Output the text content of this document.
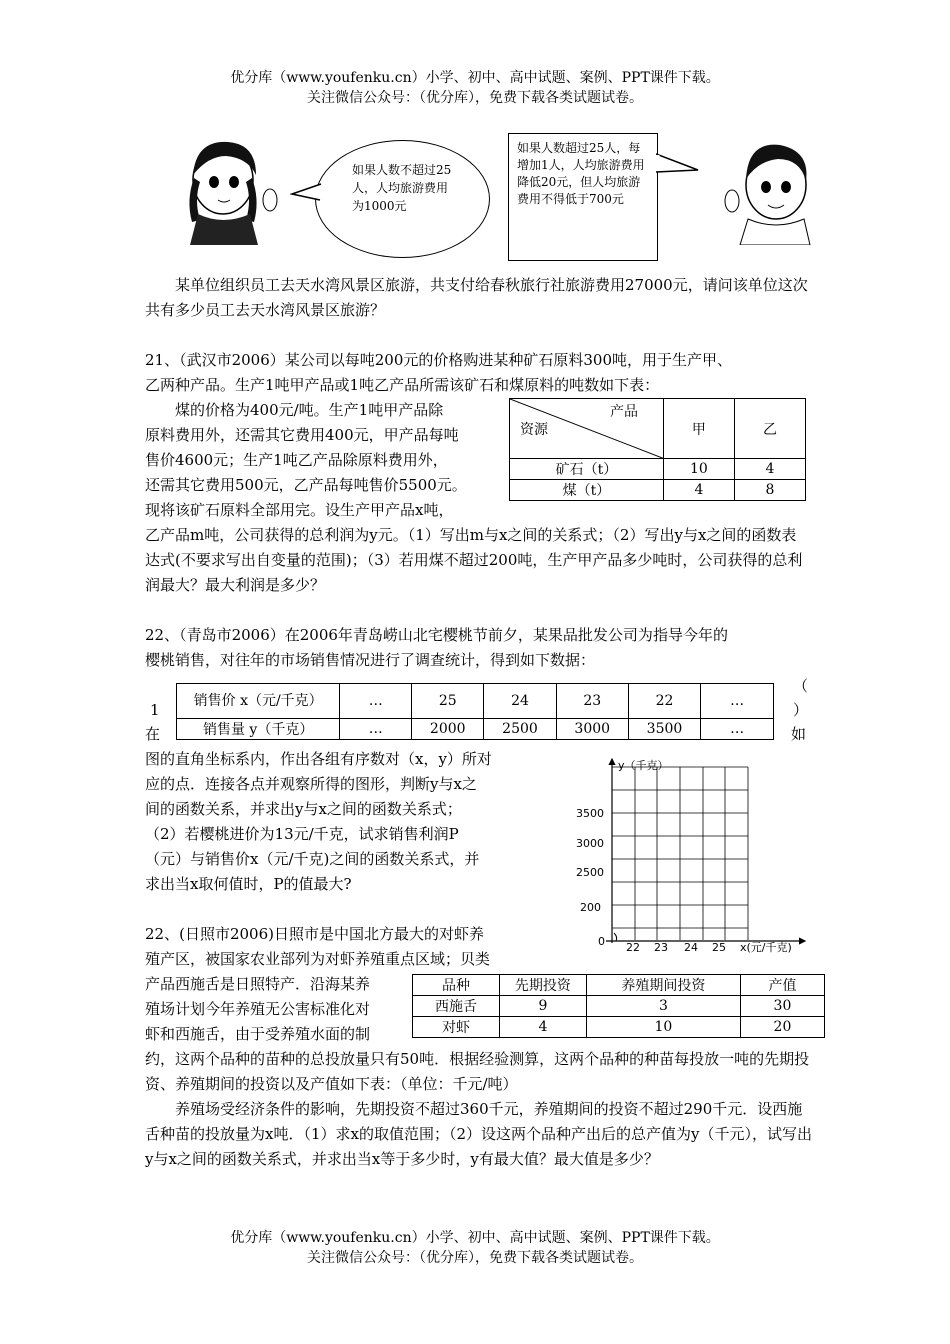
优分库（www.youfenku.cn）小学、初中、高中试题、案例、PPT课件下载。
关注微信公众号：（优分库），免费下载各类试题试卷。
如果人数不超过25人，人均旅游费用为1000元
如果人数超过25人，每增加1人，人均旅游费用降低20元，但人均旅游费用不得低于700元
某单位组织员工去天水湾风景区旅游，共支付给春秋旅行社旅游费用27000元，请问该单位这次共有多少员工去天水湾风景区旅游？
21、（武汉市2006）某公司以每吨200元的价格购进某种矿石原料300吨，用于生产甲、
乙两种产品。生产1吨甲产品或1吨乙产品所需该矿石和煤原料的吨数如下表：
煤的价格为400元/吨。生产1吨甲产品除
原料费用外，还需其它费用400元，甲产品每吨
售价4600元；生产1吨乙产品除原料费用外，
还需其它费用500元，乙产品每吨售价5500元。
现将该矿石原料全部用完。设生产甲产品x吨，
乙产品m吨，公司获得的总利润为y元。（1）写出m与x之间的关系式；（2）写出y与x之间的函数表达式(不要求写出自变量的范围)；（3）若用煤不超过200吨，生产甲产品多少吨时，公司获得的总利润最大？最大利润是多少？
产品
资源	甲	乙
矿石（t）	10	4
煤（t）	4	8
22、（青岛市2006）在2006年青岛崂山北宅樱桃节前夕，某果品批发公司为指导今年的
樱桃销售，对往年的市场销售情况进行了调查统计，得到如下数据：
销售价 x（元/千克）	…	25	24	23	22	…
销售量 y（千克）	…	2000	2500	3000	3500	…
1
在
（
）
如
图的直角坐标系内，作出各组有序数对（x，y）所对
应的点．连接各点并观察所得的图形，判断y与x之
间的函数关系，并求出y与x之间的函数关系式；
（2）若樱桃进价为13元/千克，试求销售利润P
（元）与销售价x（元/千克)之间的函数关系式，并
求出当x取何值时，P的值最大?
y（千克）
x(元/千克)
3500
3000
2500
200
0 22 23 24 25
22、(日照市2006)日照市是中国北方最大的对虾养
殖产区，被国家农业部列为对虾养殖重点区域；贝类
产品西施舌是日照特产．沿海某养
殖场计划今年养殖无公害标准化对
虾和西施舌，由于受养殖水面的制
约，这两个品种的苗种的总投放量只有50吨．根据经验测算，这两个品种的种苗每投放一吨的先期投资、养殖期间的投资以及产值如下表：（单位：千元/吨）
养殖场受经济条件的影响，先期投资不超过360千元，养殖期间的投资不超过290千元．设西施舌种苗的投放量为x吨．（1）求x的取值范围；（2）设这两个品种产出后的总产值为y（千元），试写出y与x之间的函数关系式，并求出当x等于多少时，y有最大值？最大值是多少？
品种	先期投资	养殖期间投资	产值
西施舌	9	3	30
对虾	4	10	20
优分库（www.youfenku.cn）小学、初中、高中试题、案例、PPT课件下载。
关注微信公众号：（优分库），免费下载各类试题试卷。
